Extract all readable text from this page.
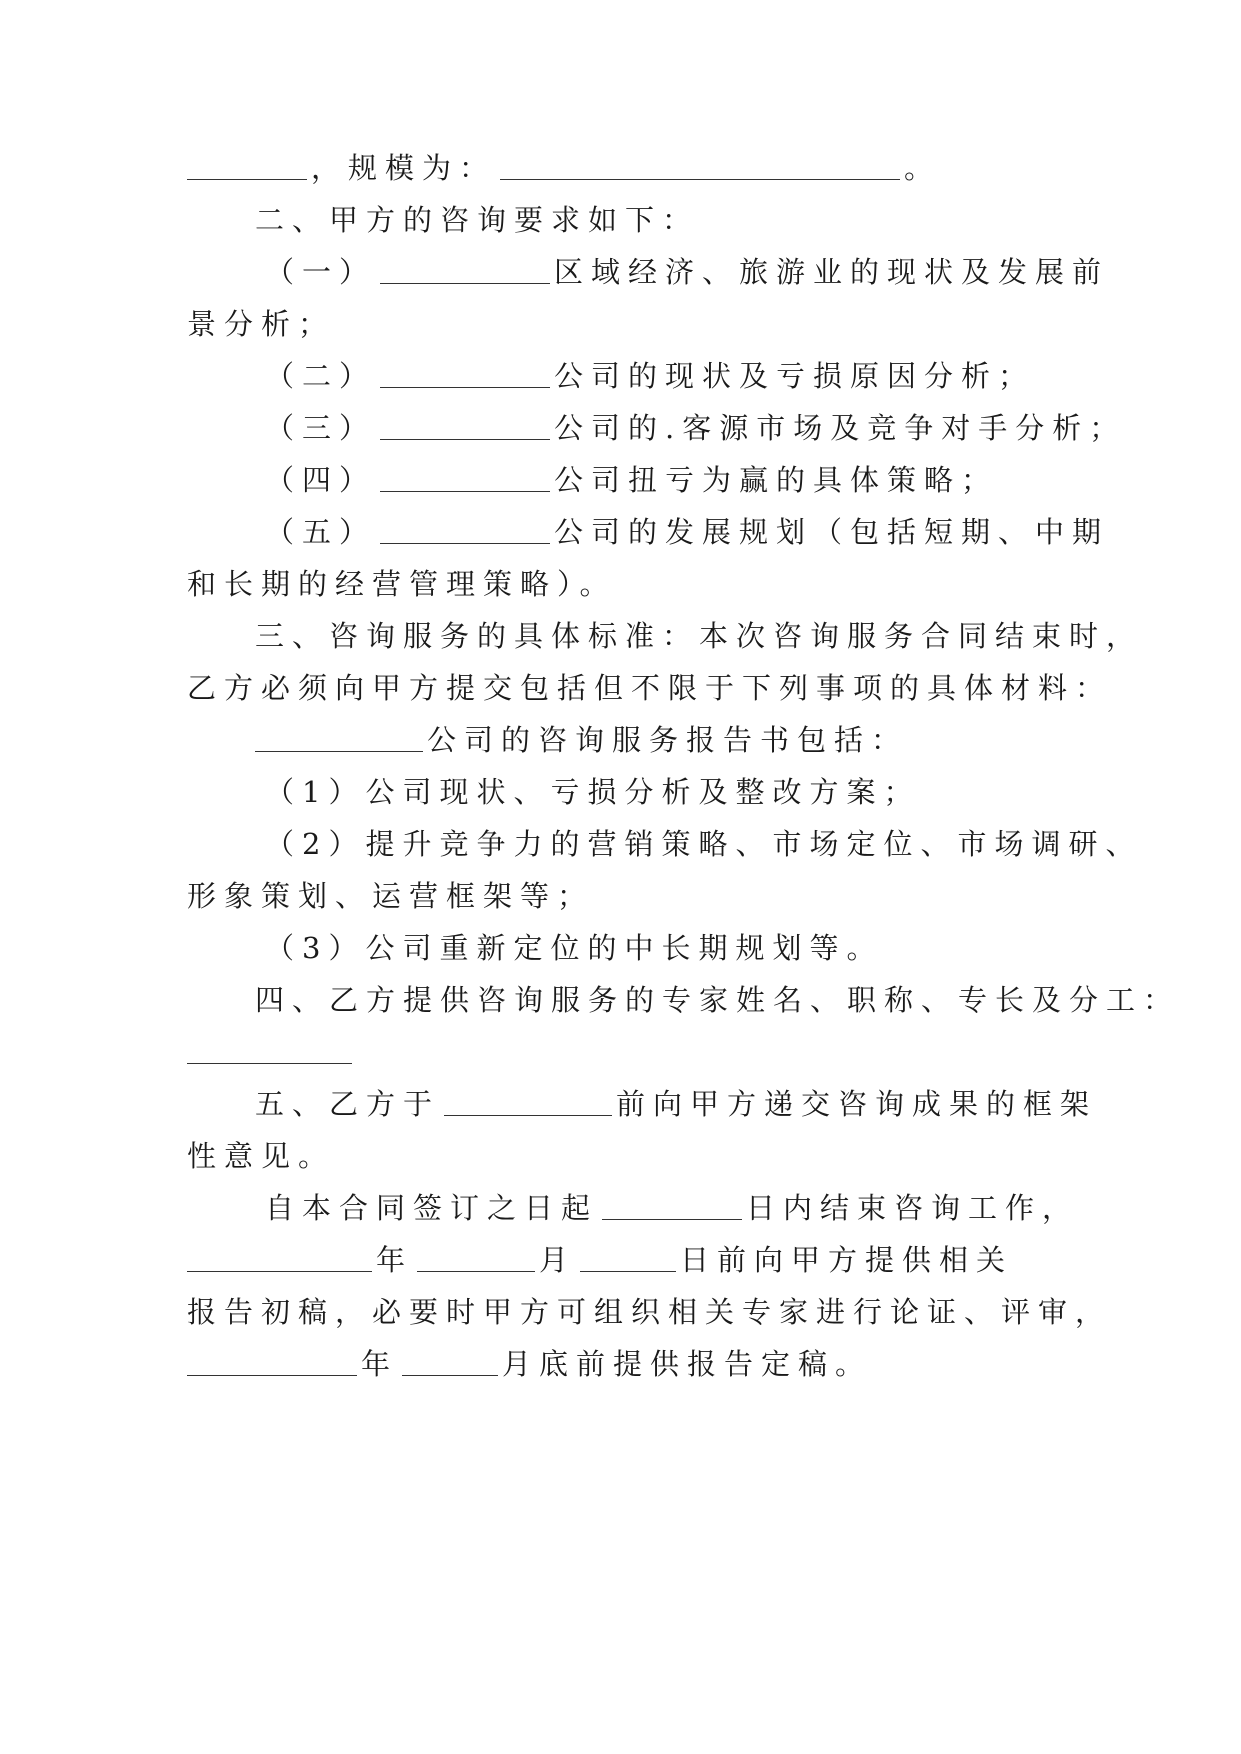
，规模为：	。
二、甲方的咨询要求如下：
（一）	区域经济、旅游业的现状及发展前
景分析；
（二）	公司的现状及亏损原因分析；
（三）	公司的.客源市场及竞争对手分析；
（四）	公司扭亏为赢的具体策略；
（五）	公司的发展规划（包括短期、中期
和长期的经营管理策略）。
三、咨询服务的具体标准：本次咨询服务合同结束时，
乙方必须向甲方提交包括但不限于下列事项的具体材料：
公司的咨询服务报告书包括：
（1）公司现状、亏损分析及整改方案；
（2）提升竞争力的营销策略、市场定位、市场调研、
形象策划、运营框架等；
（3）公司重新定位的中长期规划等。
四、乙方提供咨询服务的专家姓名、职称、专长及分工：
五、乙方于	前向甲方递交咨询成果的框架
性意见。
自本合同签订之日起	日内结束咨询工作，
年	月	日前向甲方提供相关
报告初稿，必要时甲方可组织相关专家进行论证、评审，
年	月底前提供报告定稿。
